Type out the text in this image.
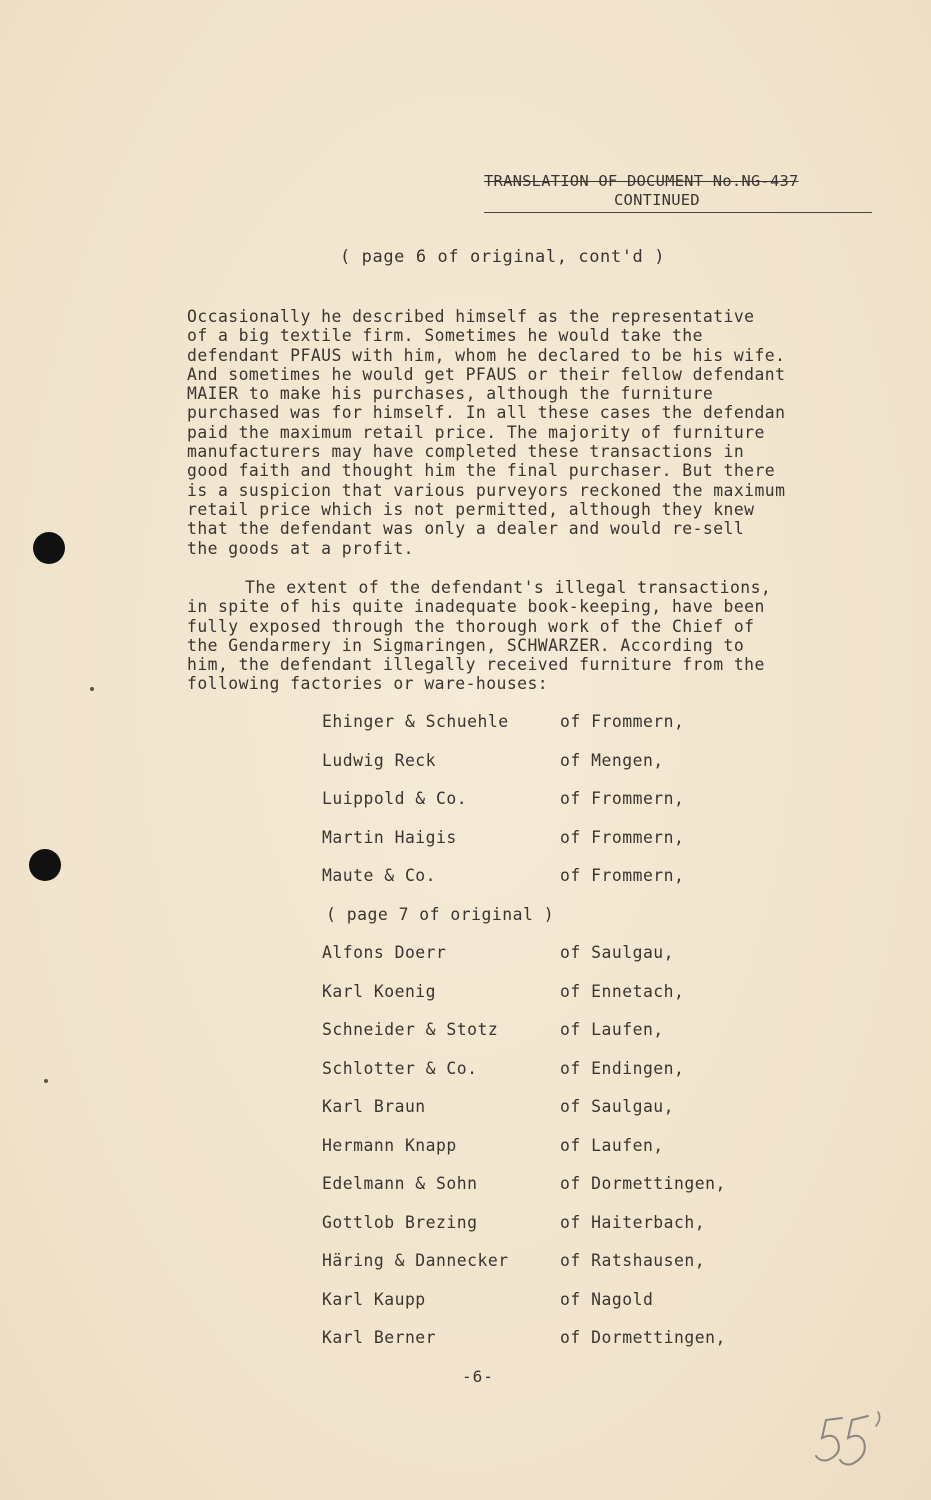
TRANSLATION OF DOCUMENT No.NG-437
CONTINUED
( page 6 of original, cont'd )
Occasionally he described himself as the representative
of a big textile firm. Sometimes he would take the
defendant PFAUS with him, whom he declared to be his wife.
And sometimes he would get PFAUS or their fellow defendant
MAIER to make his purchases, although the furniture
purchased was for himself. In all these cases the defendan
paid the maximum retail price. The majority of furniture
manufacturers may have completed these transactions in
good faith and thought him the final purchaser. But there
is a suspicion that various purveyors reckoned the maximum
retail price which is not permitted, although they knew
that the defendant was only a dealer and would re-sell
the goods at a profit.
The extent of the defendant's illegal transactions,
in spite of his quite inadequate book-keeping, have been
fully exposed through the thorough work of the Chief of
the Gendarmery in Sigmaringen, SCHWARZER. According to
him, the defendant illegally received furniture from the
following factories or ware-houses:
Ehinger & Schuehle	of Frommern,
Ludwig Reck	of Mengen,
Luippold & Co.	of Frommern,
Martin Haigis	of Frommern,
Maute & Co.	of Frommern,
( page 7 of original )
Alfons Doerr	of Saulgau,
Karl Koenig	of Ennetach,
Schneider & Stotz	of Laufen,
Schlotter & Co.	of Endingen,
Karl Braun	of Saulgau,
Hermann Knapp	of Laufen,
Edelmann & Sohn	of Dormettingen,
Gottlob Brezing	of Haiterbach,
Häring & Dannecker	of Ratshausen,
Karl Kaupp	of Nagold
Karl Berner	of Dormettingen,
-6-
